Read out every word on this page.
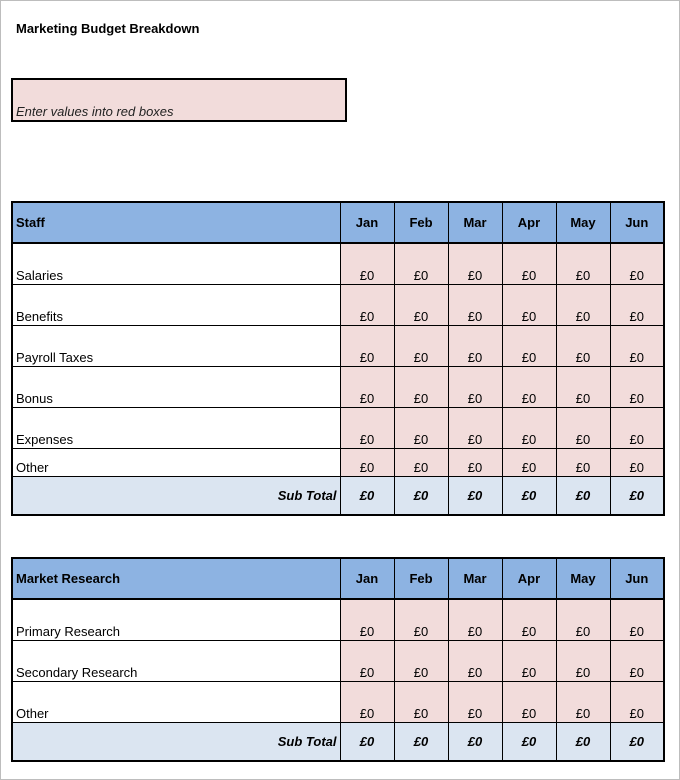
Marketing Budget Breakdown
Enter values into red boxes
Staff	Jan	Feb	Mar	Apr	May	Jun
Salaries	£0	£0	£0	£0	£0	£0
Benefits	£0	£0	£0	£0	£0	£0
Payroll Taxes	£0	£0	£0	£0	£0	£0
Bonus	£0	£0	£0	£0	£0	£0
Expenses	£0	£0	£0	£0	£0	£0
Other	£0	£0	£0	£0	£0	£0
Sub Total	£0	£0	£0	£0	£0	£0
Market Research	Jan	Feb	Mar	Apr	May	Jun
Primary Research	£0	£0	£0	£0	£0	£0
Secondary Research	£0	£0	£0	£0	£0	£0
Other	£0	£0	£0	£0	£0	£0
Sub Total	£0	£0	£0	£0	£0	£0
